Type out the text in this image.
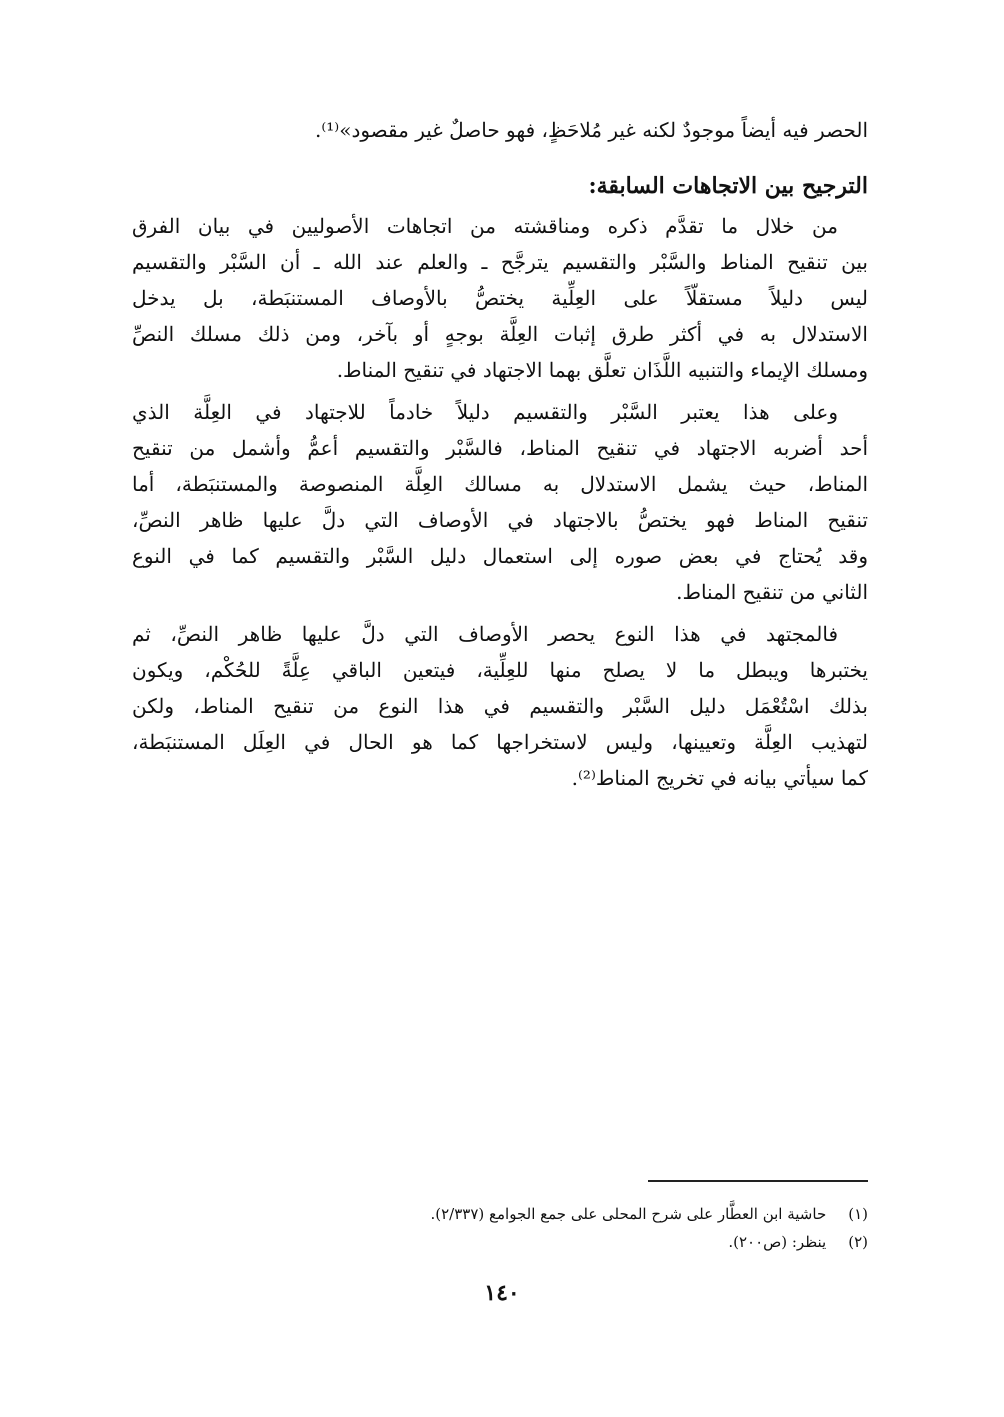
الحصر فيه أيضاً موجودٌ لكنه غير مُلاحَظٍ، فهو حاصلٌ غير مقصود»⁽¹⁾.
الترجيح بين الاتجاهات السابقة:
من خلال ما تقدَّم ذكره ومناقشته من اتجاهات الأصوليين في بيان الفرق
بين تنقيح المناط والسَّبْر والتقسيم يترجَّح ـ والعلم عند الله ـ أن السَّبْر والتقسيم
ليس دليلاً مستقلّاً على العِلِّية يختصُّ بالأوصاف المستنبَطة، بل يدخل
الاستدلال به في أكثر طرق إثبات العِلَّة بوجهٍ أو بآخر، ومن ذلك مسلك النصِّ
ومسلك الإيماء والتنبيه اللَّذَان تعلَّق بهما الاجتهاد في تنقيح المناط.
وعلى هذا يعتبر السَّبْر والتقسيم دليلاً خادماً للاجتهاد في العِلَّة الذي
أحد أضربه الاجتهاد في تنقيح المناط، فالسَّبْر والتقسيم أعمُّ وأشمل من تنقيح
المناط، حيث يشمل الاستدلال به مسالك العِلَّة المنصوصة والمستنبَطة، أما
تنقيح المناط فهو يختصُّ بالاجتهاد في الأوصاف التي دلَّ عليها ظاهر النصِّ،
وقد يُحتاج في بعض صوره إلى استعمال دليل السَّبْر والتقسيم كما في النوع
الثاني من تنقيح المناط.
فالمجتهد في هذا النوع يحصر الأوصاف التي دلَّ عليها ظاهر النصِّ، ثم
يختبرها ويبطل ما لا يصلح منها للعِلِّية، فيتعين الباقي عِلَّةً للحُكْم، ويكون
بذلك اسْتُعْمَل دليل السَّبْر والتقسيم في هذا النوع من تنقيح المناط، ولكن
لتهذيب العِلَّة وتعيينها، وليس لاستخراجها كما هو الحال في العِلَل المستنبَطة،
كما سيأتي بيانه في تخريج المناط⁽²⁾.
(١)حاشية ابن العطَّار على شرح المحلى على جمع الجوامع (٢/٣٣٧).
(٢)ينظر: (ص٢٠٠).
١٤٠
